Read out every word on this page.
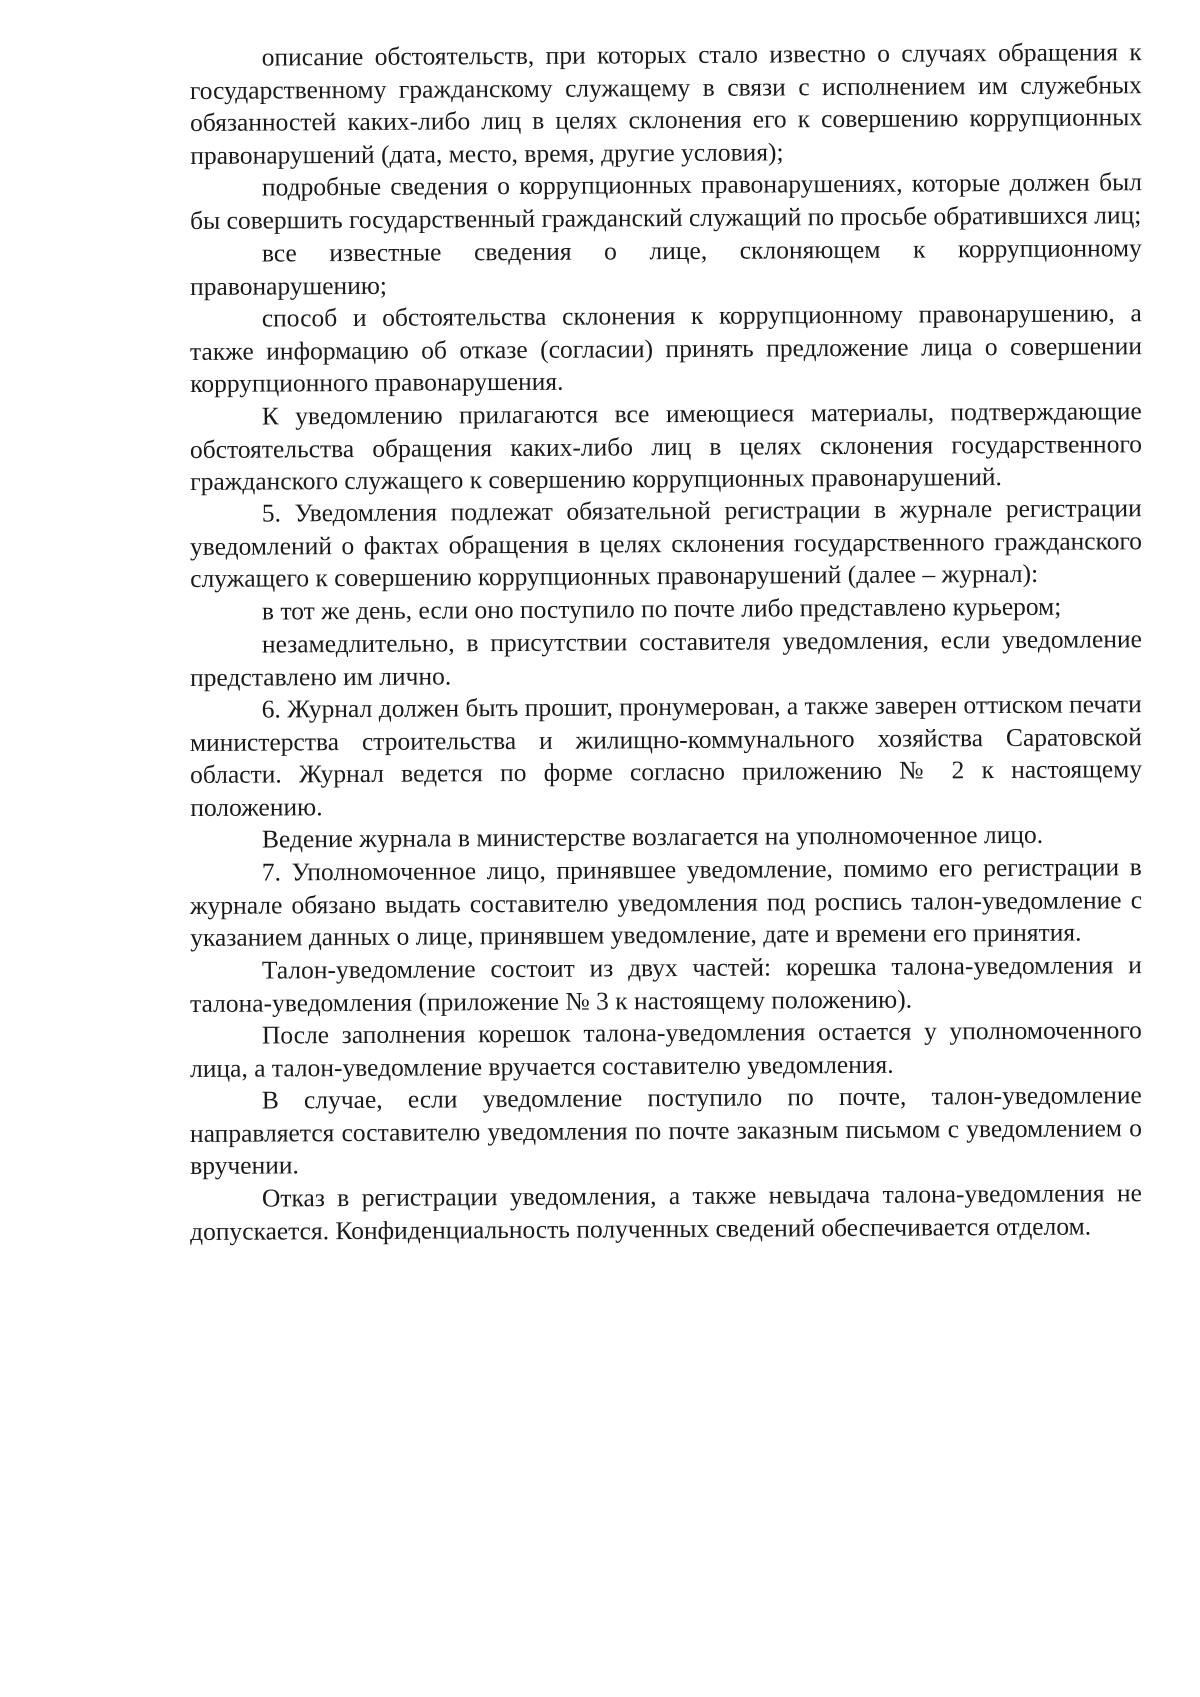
описание обстоятельств, при которых стало известно о случаях обращения к государственному гражданскому служащему в связи с исполнением им служебных обязанностей каких-либо лиц в целях склонения его к совершению коррупционных правонарушений (дата, место, время, другие условия);

подробные сведения о коррупционных правонарушениях, которые должен был бы совершить государственный гражданский служащий по просьбе обратившихся лиц;

все известные сведения о лице, склоняющем к коррупционному правонарушению;

способ и обстоятельства склонения к коррупционному правонарушению, а также информацию об отказе (согласии) принять предложение лица о совершении коррупционного правонарушения.

К уведомлению прилагаются все имеющиеся материалы, подтверждающие обстоятельства обращения каких-либо лиц в целях склонения государственного гражданского служащего к совершению коррупционных правонарушений.

5. Уведомления подлежат обязательной регистрации в журнале регистрации уведомлений о фактах обращения в целях склонения государственного гражданского служащего к совершению коррупционных правонарушений (далее – журнал):

в тот же день, если оно поступило по почте либо представлено курьером;

незамедлительно, в присутствии составителя уведомления, если уведомление представлено им лично.

6. Журнал должен быть прошит, пронумерован, а также заверен оттиском печати министерства строительства и жилищно-коммунального хозяйства Саратовской области. Журнал ведется по форме согласно приложению № 2 к настоящему положению.

Ведение журнала в министерстве возлагается на уполномоченное лицо.

7. Уполномоченное лицо, принявшее уведомление, помимо его регистрации в журнале обязано выдать составителю уведомления под роспись талон-уведомление с указанием данных о лице, принявшем уведомление, дате и времени его принятия.

Талон-уведомление состоит из двух частей: корешка талона-уведомления и талона-уведомления (приложение № 3 к настоящему положению).

После заполнения корешок талона-уведомления остается у уполномоченного лица, а талон-уведомление вручается составителю уведомления.

В случае, если уведомление поступило по почте, талон-уведомление направляется составителю уведомления по почте заказным письмом с уведомлением о вручении.

Отказ в регистрации уведомления, а также невыдача талона-уведомления не допускается. Конфиденциальность полученных сведений обеспечивается отделом.
